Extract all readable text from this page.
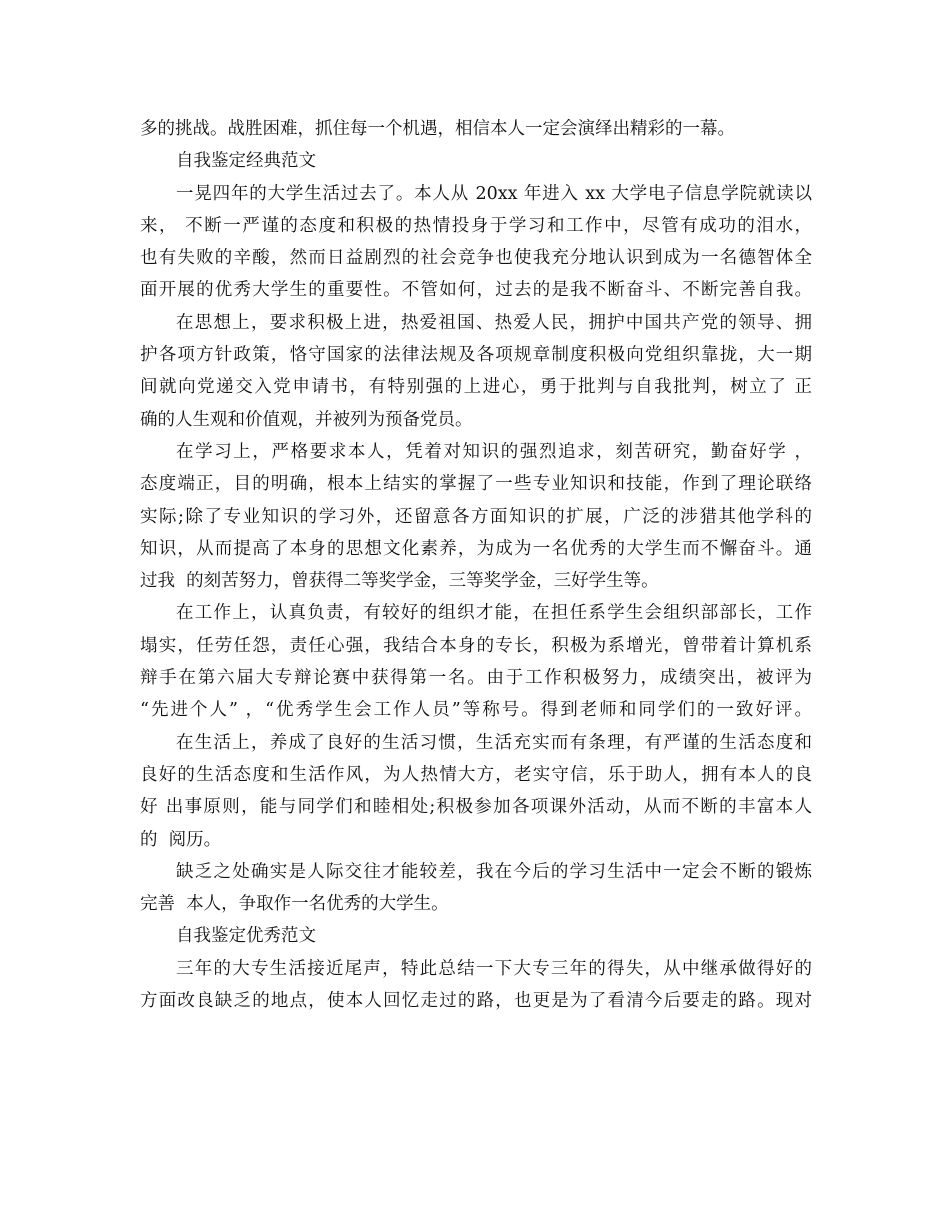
多的挑战。战胜困难，抓住每一个机遇，相信本人一定会演绎出精彩的一幕。
自我鉴定经典范文
一晃四年的大学生活过去了。本人从 20xx 年进入 xx 大学电子信息学院就读以
来， 不断一严谨的态度和积极的热情投身于学习和工作中，尽管有成功的泪水，
也有失败的辛酸，然而日益剧烈的社会竞争也使我充分地认识到成为一名德智体全
面开展的优秀大学生的重要性。不管如何，过去的是我不断奋斗、不断完善自我。
在思想上，要求积极上进，热爱祖国、热爱人民，拥护中国共产党的领导、拥
护各项方针政策，恪守国家的法律法规及各项规章制度积极向党组织靠拢，大一期
间就向党递交入党申请书，有特别强的上进心，勇于批判与自我批判，树立了 正
确的人生观和价值观，并被列为预备党员。
在学习上，严格要求本人，凭着对知识的强烈追求，刻苦研究，勤奋好学 ，
态度端正，目的明确，根本上结实的掌握了一些专业知识和技能，作到了理论联络
实际;除了专业知识的学习外，还留意各方面知识的扩展，广泛的涉猎其他学科的
知识，从而提高了本身的思想文化素养，为成为一名优秀的大学生而不懈奋斗。通
过我  的刻苦努力，曾获得二等奖学金，三等奖学金，三好学生等。
在工作上，认真负责，有较好的组织才能，在担任系学生会组织部部长，工作
塌实，任劳任怨，责任心强，我结合本身的专长，积极为系增光，曾带着计算机系
辩手在第六届大专辩论赛中获得第一名。由于工作积极努力，成绩突出，被评为
“先进个人” ，“优秀学生会工作人员”等称号。得到老师和同学们的一致好评。
在生活上，养成了良好的生活习惯，生活充实而有条理，有严谨的生活态度和
良好的生活态度和生活作风，为人热情大方，老实守信，乐于助人，拥有本人的良
好 出事原则，能与同学们和睦相处;积极参加各项课外活动，从而不断的丰富本人
的  阅历。
缺乏之处确实是人际交往才能较差，我在今后的学习生活中一定会不断的锻炼
完善  本人，争取作一名优秀的大学生。
自我鉴定优秀范文
三年的大专生活接近尾声，特此总结一下大专三年的得失，从中继承做得好的
方面改良缺乏的地点，使本人回忆走过的路，也更是为了看清今后要走的路。现对
